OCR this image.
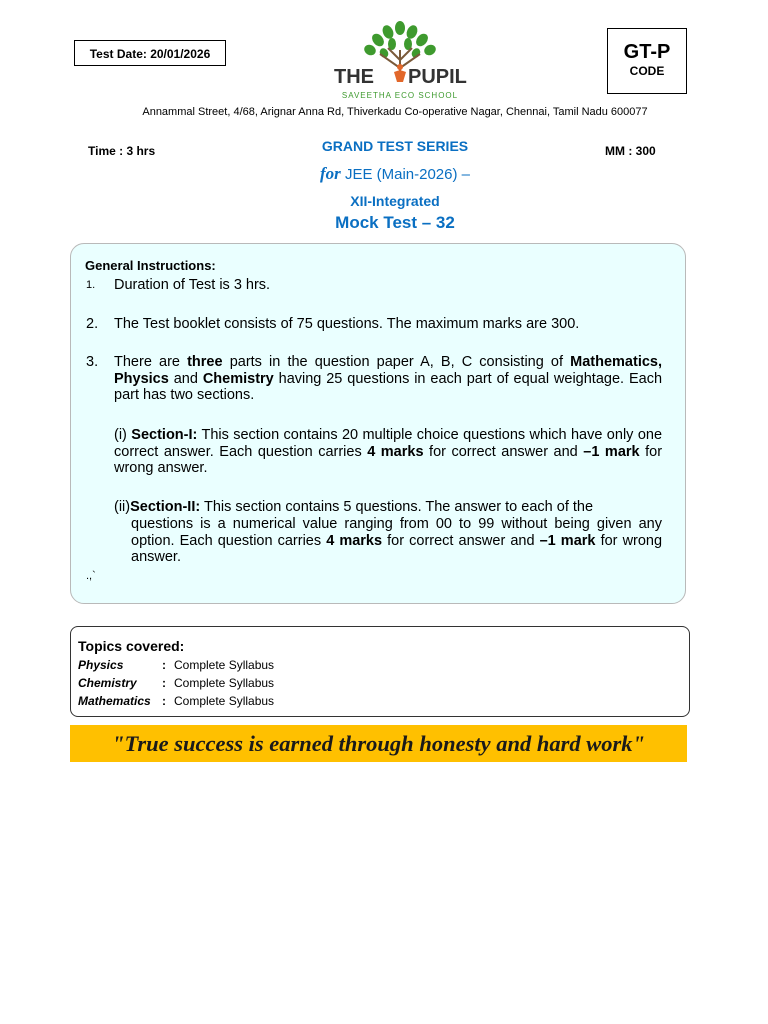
Test Date: 20/01/2026
THE PUPIL
SAVEETHA ECO SCHOOL
GT-P
CODE
Annammal Street, 4/68, Arignar Anna Rd, Thiverkadu Co-operative Nagar, Chennai, Tamil Nadu 600077
Time : 3 hrs	MM : 300
GRAND TEST SERIES
for JEE (Main-2026) –
XII-Integrated
Mock Test – 32
General Instructions:
1. Duration of Test is 3 hrs.
2. The Test booklet consists of 75 questions. The maximum marks are 300.
3. There are three parts in the question paper A, B, C consisting of Mathematics, Physics and Chemistry having 25 questions in each part of equal weightage. Each part has two sections.
(i) Section-I: This section contains 20 multiple choice questions which have only one correct answer. Each question carries 4 marks for correct answer and –1 mark for wrong answer.
(ii)Section-II: This section contains 5 questions. The answer to each of the
questions is a numerical value ranging from 00 to 99 without being given any option. Each question carries 4 marks for correct answer and –1 mark for wrong answer.
.,`
Topics covered:
Physics	: Complete Syllabus
Chemistry : Complete Syllabus
Mathematics : Complete Syllabus
"True success is earned through honesty and hard work"
